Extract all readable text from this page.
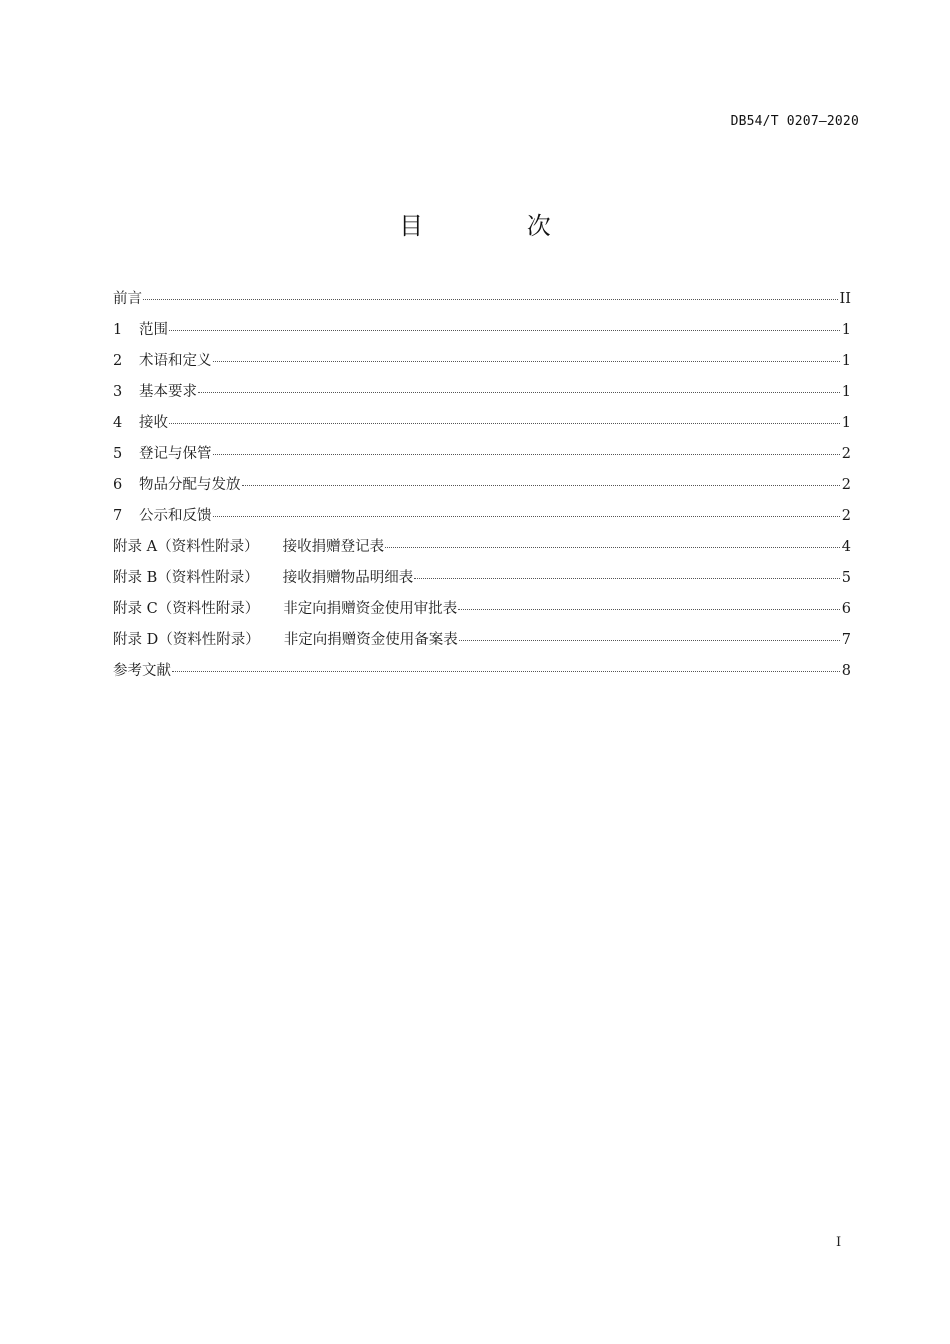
DB54/T 0207—2020
目 次
前言	II
1	范围	1
2	术语和定义	1
3	基本要求	1
4	接收	1
5	登记与保管	2
6	物品分配与发放	2
7	公示和反馈	2
附录 A（资料性附录） 接收捐赠登记表	4
附录 B（资料性附录） 接收捐赠物品明细表	5
附录 C（资料性附录） 非定向捐赠资金使用审批表	6
附录 D（资料性附录） 非定向捐赠资金使用备案表	7
参考文献	8
I
